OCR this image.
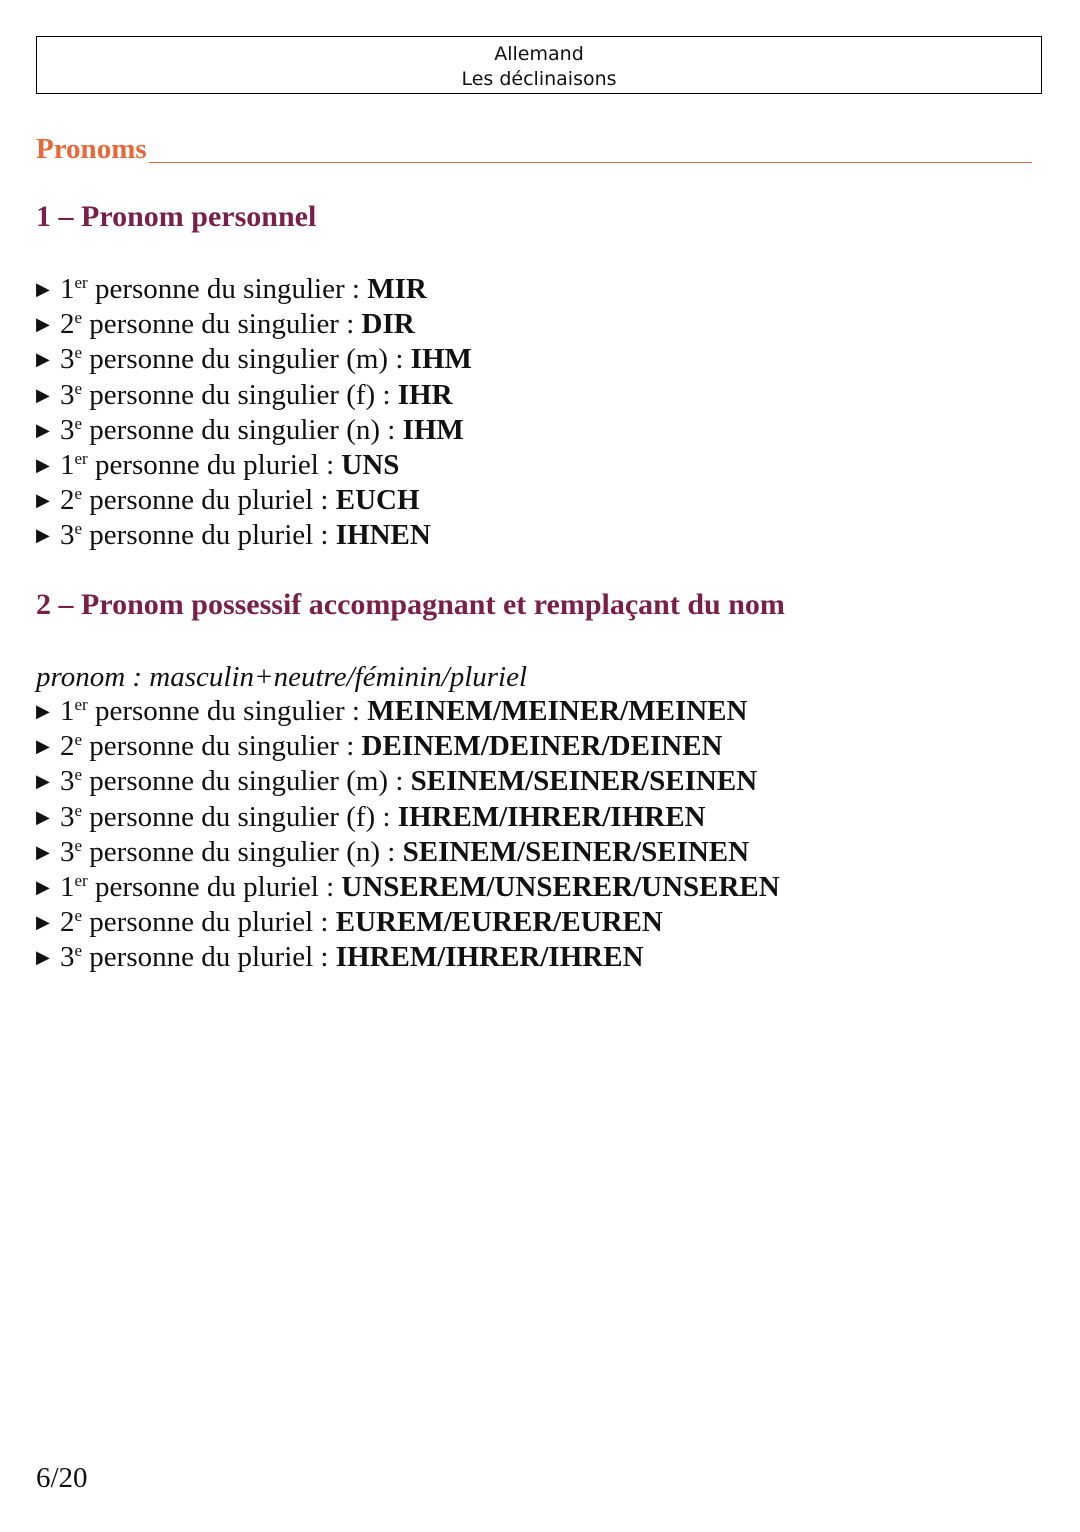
Allemand
Les déclinaisons
Pronoms
1 – Pronom personnel
▶ 1er personne du singulier : MIR
▶ 2e personne du singulier : DIR
▶ 3e personne du singulier (m) : IHM
▶ 3e personne du singulier (f) : IHR
▶ 3e personne du singulier (n) : IHM
▶ 1er personne du pluriel : UNS
▶ 2e personne du pluriel : EUCH
▶ 3e personne du pluriel : IHNEN
2 – Pronom possessif accompagnant et remplaçant du nom
pronom : masculin+neutre/féminin/pluriel
▶ 1er personne du singulier : MEINEM/MEINER/MEINEN
▶ 2e personne du singulier : DEINEM/DEINER/DEINEN
▶ 3e personne du singulier (m) : SEINEM/SEINER/SEINEN
▶ 3e personne du singulier (f) : IHREM/IHRER/IHREN
▶ 3e personne du singulier (n) : SEINEM/SEINER/SEINEN
▶ 1er personne du pluriel : UNSEREM/UNSERER/UNSEREN
▶ 2e personne du pluriel : EUREM/EURER/EUREN
▶ 3e personne du pluriel : IHREM/IHRER/IHREN
6/20
